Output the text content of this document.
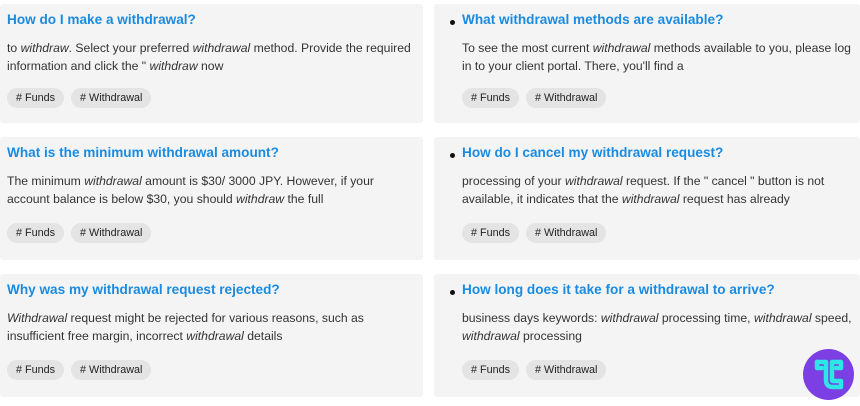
How do I make a withdrawal?
to withdraw. Select your preferred withdrawal method. Provide the required information and click the " withdraw now
# Funds	# Withdrawal
What withdrawal methods are available?
To see the most current withdrawal methods available to you, please log in to your client portal. There, you'll find a
# Funds	# Withdrawal
What is the minimum withdrawal amount?
The minimum withdrawal amount is $30/ 3000 JPY. However, if your account balance is below $30, you should withdraw the full
# Funds	# Withdrawal
How do I cancel my withdrawal request?
processing of your withdrawal request. If the " cancel " button is not available, it indicates that the withdrawal request has already
# Funds	# Withdrawal
Why was my withdrawal request rejected?
Withdrawal request might be rejected for various reasons, such as insufficient free margin, incorrect withdrawal details
# Funds	# Withdrawal
How long does it take for a withdrawal to arrive?
business days keywords: withdrawal processing time, withdrawal speed, withdrawal processing
# Funds	# Withdrawal
